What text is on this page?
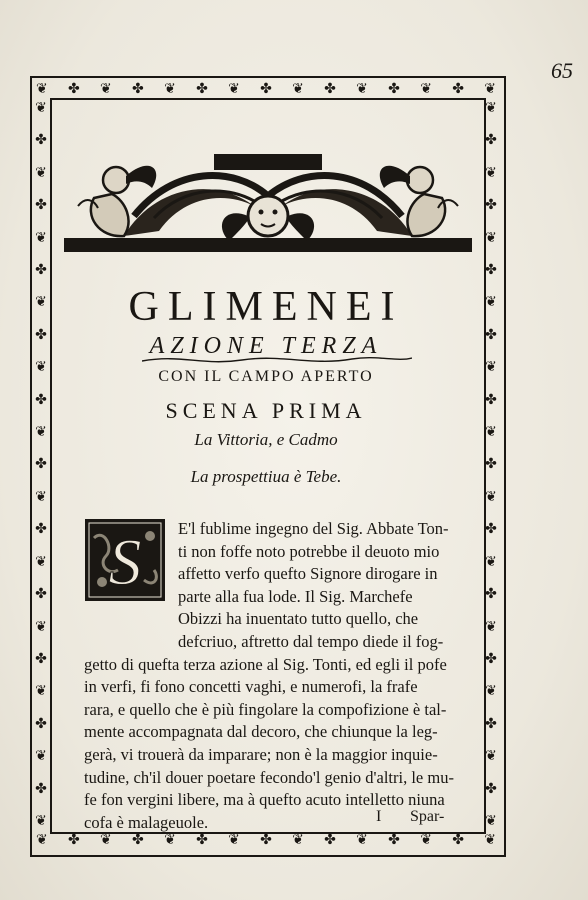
65
❦ ✤ ❦ ✤ ❦ ✤ ❦ ✤ ❦ ✤ ❦ ✤ ❦ ✤ ❦
❦ ✤ ❦ ✤ ❦ ✤ ❦ ✤ ❦ ✤ ❦ ✤ ❦ ✤ ❦
❦
✤
❦
✤
❦
✤
❦
✤
❦
✤
❦
✤
❦
✤
❦
✤
❦
✤
❦
✤
❦
✤
❦
❦
✤
❦
✤
❦
✤
❦
✤
❦
✤
❦
✤
❦
✤
❦
✤
❦
✤
❦
✤
❦
✤
❦
GLIMENEI
AZIONE TERZA
CON IL CAMPO APERTO
SCENA PRIMA
La Vittoria, e Cadmo
La prospettiua è Tebe.
S	E'l fublime ingegno del Sig. Abbate Ton-
ti non foffe noto potrebbe il deuoto mio
affetto verfo quefto Signore dirogare in
parte alla fua lode. Il Sig. Marchefe
Obizzi ha inuentato tutto quello, che
defcriuo, aftretto dal tempo diede il fog-
getto di quefta terza azione al Sig. Tonti, ed egli il pofe
in verfi, fi fono concetti vaghi, e numerofi, la frafe
rara, e quello che è più fingolare la compofizione è tal-
mente accompagnata dal decoro, che chiunque la leg-
gerà, vi trouerà da imparare; non è la maggior inquie-
tudine, ch'il douer poetare fecondo'l genio d'altri, le mu-
fe fon vergini libere, ma à quefto acuto intelletto niuna
cofa è malageuole.	I Spar-
